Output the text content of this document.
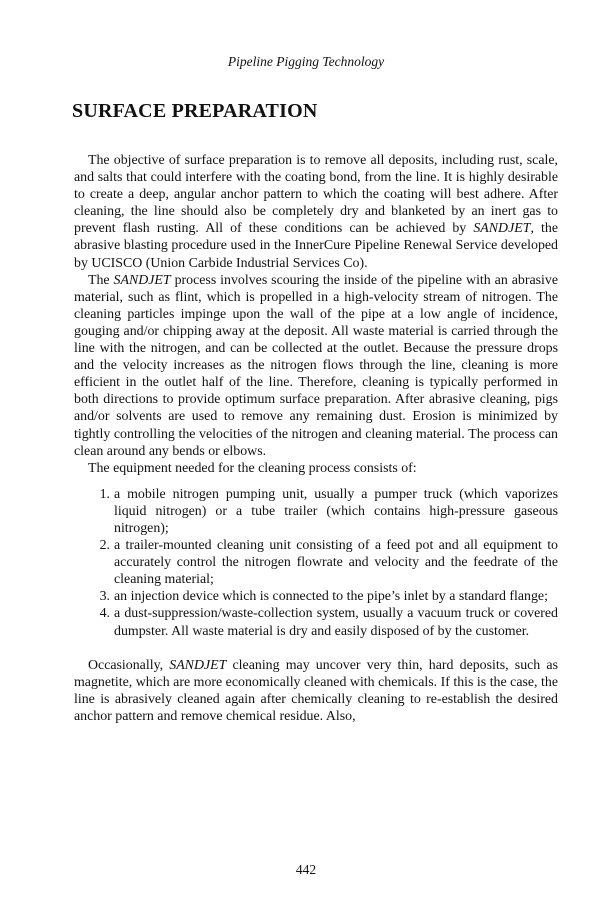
Pipeline Pigging Technology
SURFACE PREPARATION

The objective of surface preparation is to remove all deposits, including rust, scale, and salts that could interfere with the coating bond, from the line. It is highly desirable to create a deep, angular anchor pattern to which the coating will best adhere. After cleaning, the line should also be completely dry and blanketed by an inert gas to prevent flash rusting. All of these conditions can be achieved by SANDJET, the abrasive blasting procedure used in the InnerCure Pipeline Renewal Service developed by UCISCO (Union Carbide Industrial Services Co).

The SANDJET process involves scouring the inside of the pipeline with an abrasive material, such as flint, which is propelled in a high-velocity stream of nitrogen. The cleaning particles impinge upon the wall of the pipe at a low angle of incidence, gouging and/or chipping away at the deposit. All waste material is carried through the line with the nitrogen, and can be collected at the outlet. Because the pressure drops and the velocity increases as the nitrogen flows through the line, cleaning is more efficient in the outlet half of the line. Therefore, cleaning is typically performed in both directions to provide optimum surface preparation. After abrasive cleaning, pigs and/or solvents are used to remove any remaining dust. Erosion is minimized by tightly controlling the velocities of the nitrogen and cleaning material. The process can clean around any bends or elbows.

The equipment needed for the cleaning process consists of:

1. a mobile nitrogen pumping unit, usually a pumper truck (which vaporizes liquid nitrogen) or a tube trailer (which contains high-pressure gaseous nitrogen);
2. a trailer-mounted cleaning unit consisting of a feed pot and all equipment to accurately control the nitrogen flowrate and velocity and the feedrate of the cleaning material;
3. an injection device which is connected to the pipe’s inlet by a standard flange;
4. a dust-suppression/waste-collection system, usually a vacuum truck or covered dumpster. All waste material is dry and easily disposed of by the customer.

Occasionally, SANDJET cleaning may uncover very thin, hard deposits, such as magnetite, which are more economically cleaned with chemicals. If this is the case, the line is abrasively cleaned again after chemically cleaning to re-establish the desired anchor pattern and remove chemical residue. Also,

442
